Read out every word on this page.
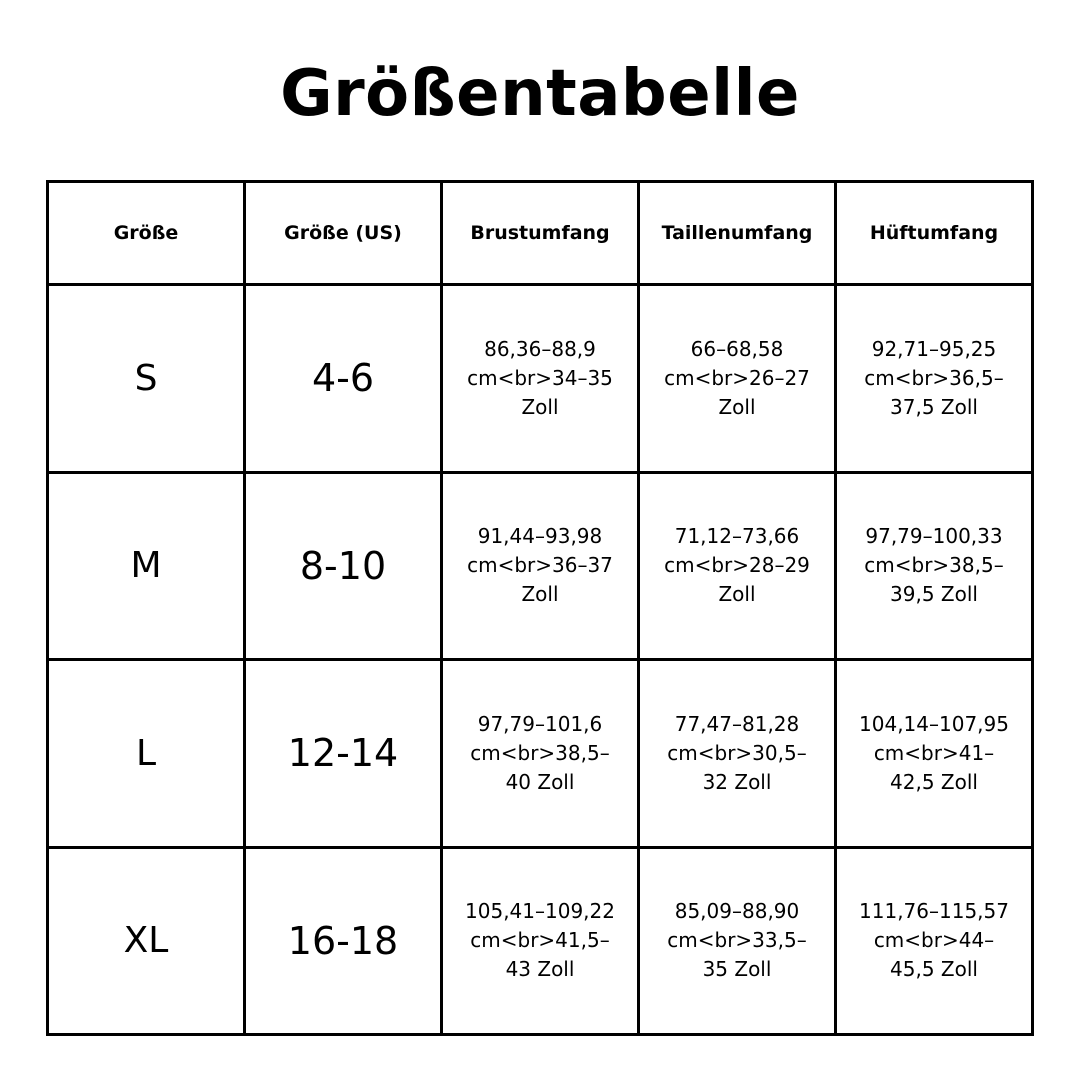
Größentabelle
Größe	Größe (US)	Brustumfang	Taillenumfang	Hüftumfang
S	4-6	86,36–88,9
cm<br>34–35
Zoll	66–68,58
cm<br>26–27
Zoll	92,71–95,25
cm<br>36,5–
37,5 Zoll

M	8-10	91,44–93,98
cm<br>36–37
Zoll	71,12–73,66
cm<br>28–29
Zoll	97,79–100,33
cm<br>38,5–
39,5 Zoll

L	12-14	97,79–101,6
cm<br>38,5–
40 Zoll	77,47–81,28
cm<br>30,5–
32 Zoll	104,14–107,95
cm<br>41–
42,5 Zoll

XL	16-18	105,41–109,22
cm<br>41,5–
43 Zoll	85,09–88,90
cm<br>33,5–
35 Zoll	111,76–115,57
cm<br>44–
45,5 Zoll
